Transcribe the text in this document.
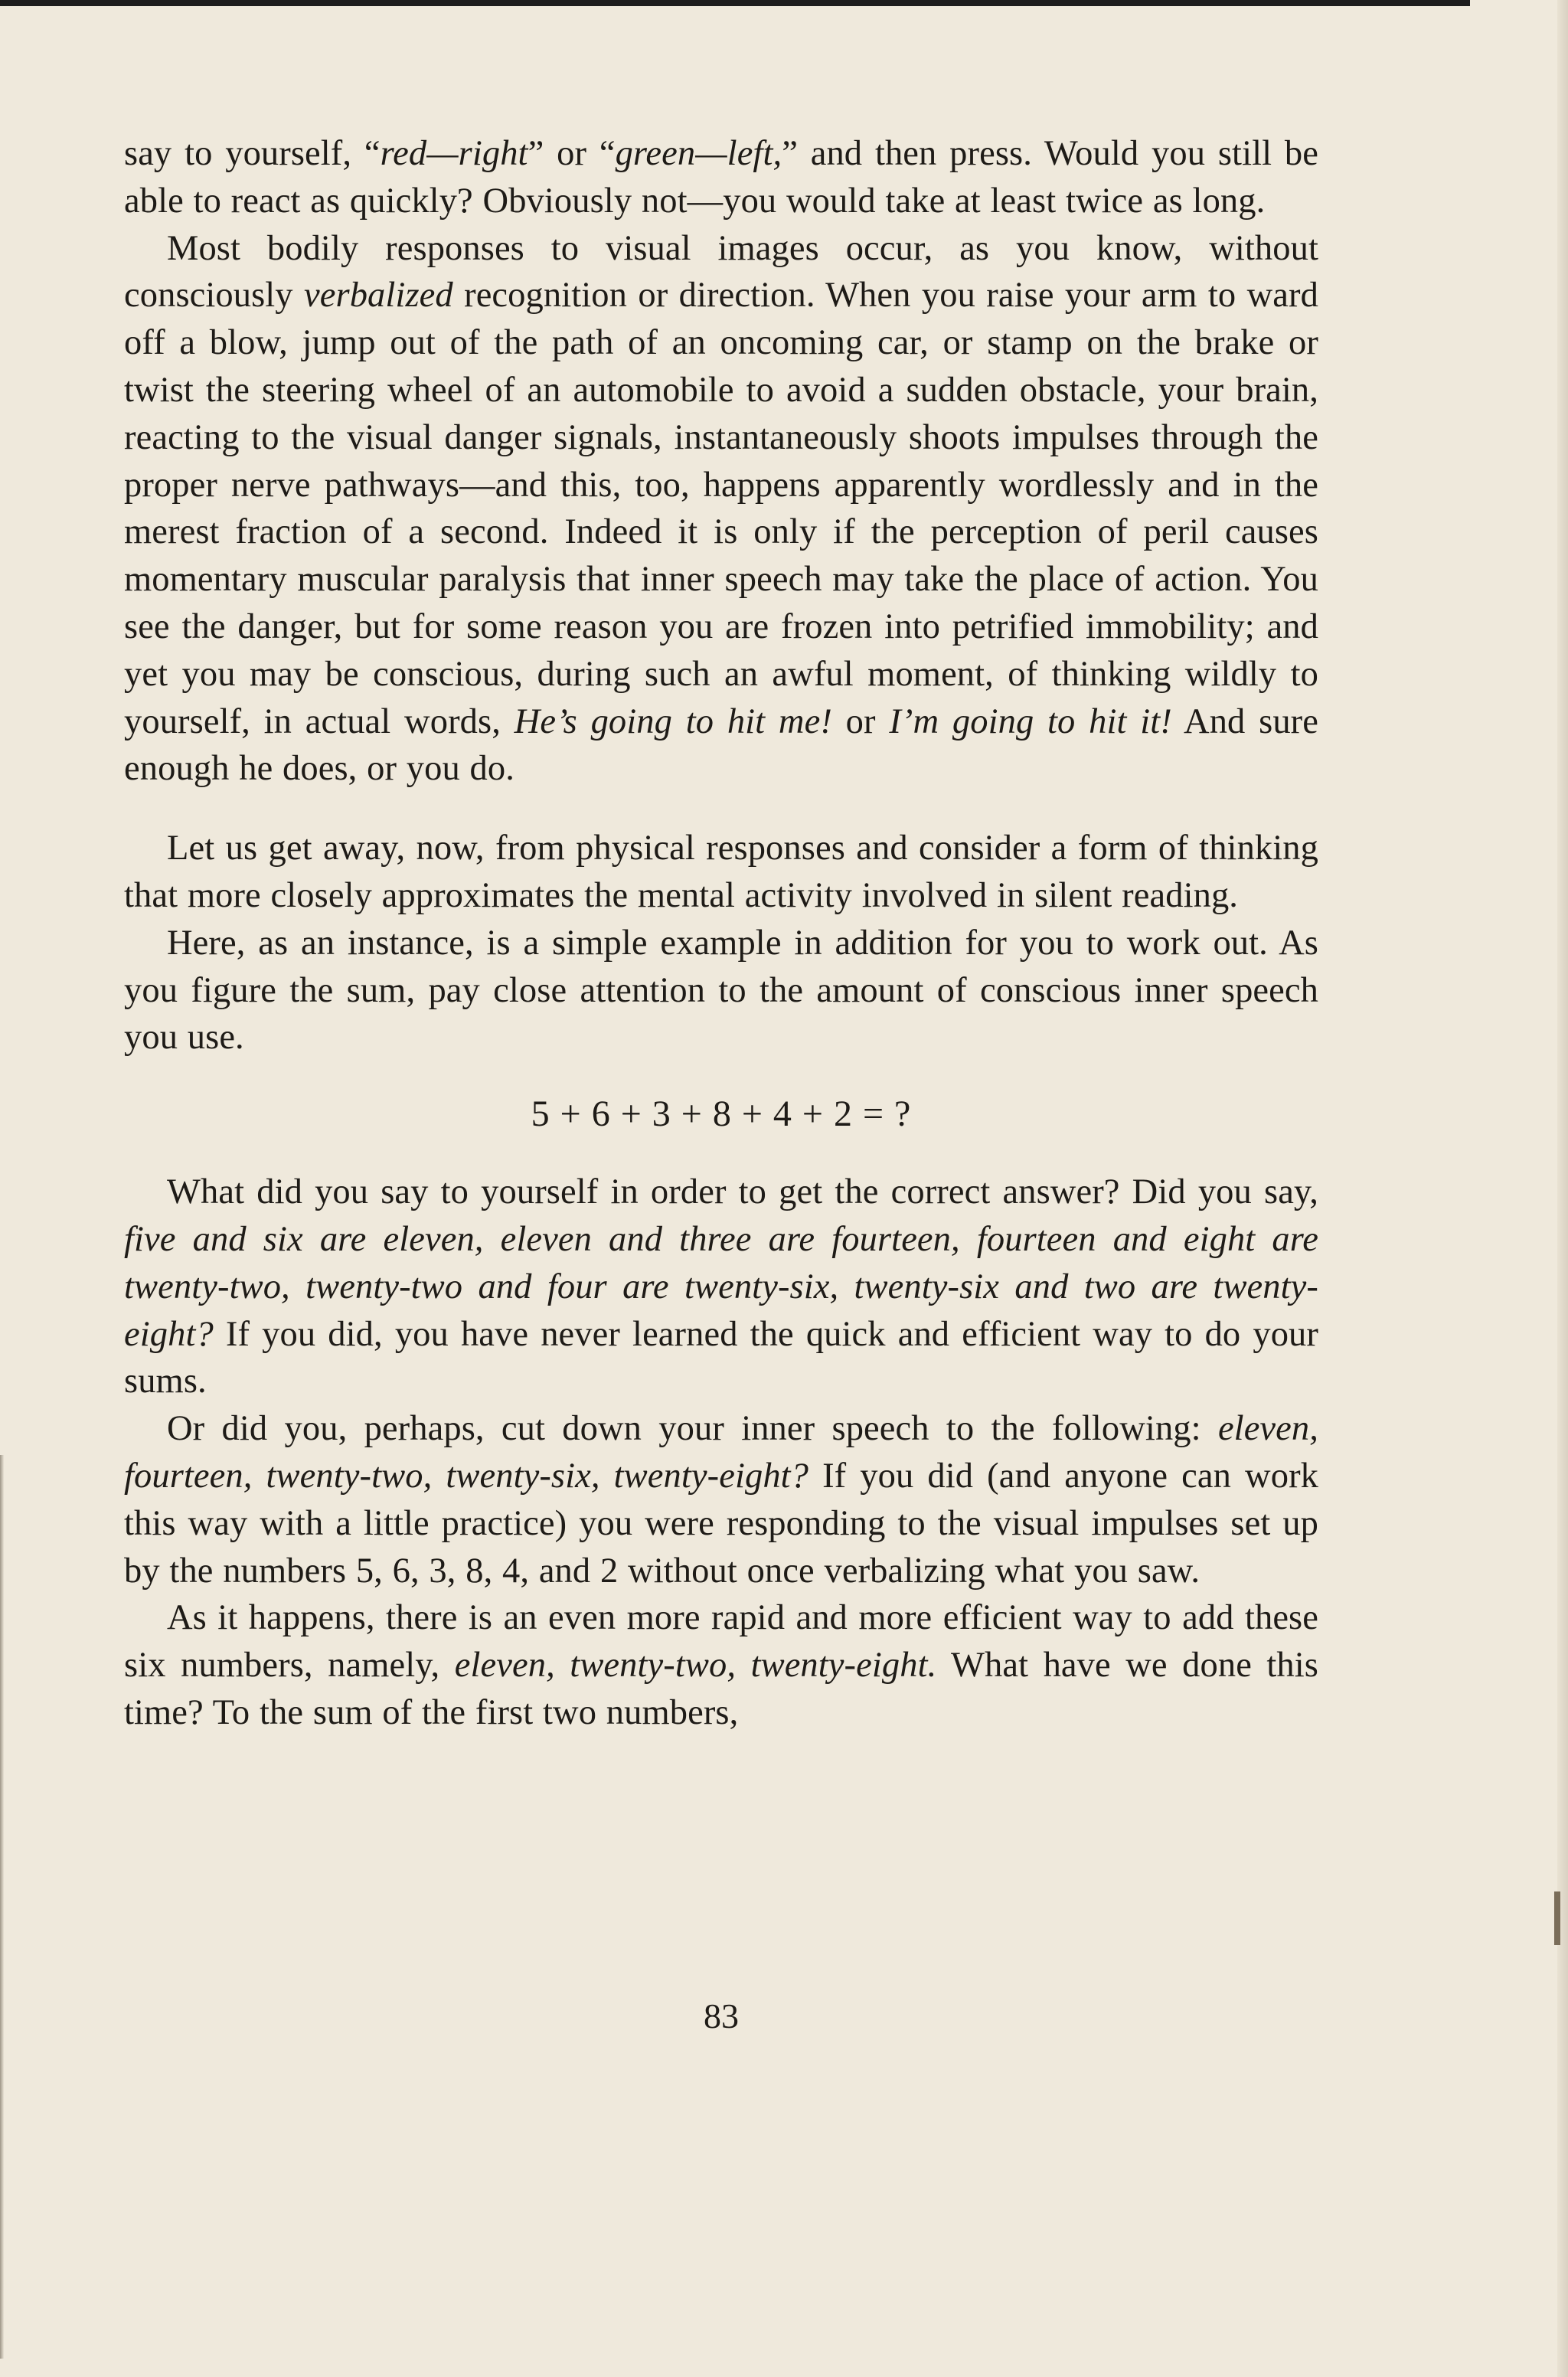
say to yourself, “red—right” or “green—left,” and then press. Would you still be able to react as quickly? Obviously not—you would take at least twice as long.

Most bodily responses to visual images occur, as you know, without consciously verbalized recognition or direction. When you raise your arm to ward off a blow, jump out of the path of an oncoming car, or stamp on the brake or twist the steering wheel of an automobile to avoid a sudden obstacle, your brain, reacting to the visual danger signals, instantaneously shoots impulses through the proper nerve pathways—and this, too, happens apparently wordlessly and in the merest fraction of a second. Indeed it is only if the perception of peril causes momentary muscular paralysis that inner speech may take the place of action. You see the danger, but for some reason you are frozen into petrified immobility; and yet you may be conscious, during such an awful moment, of thinking wildly to yourself, in actual words, He’s going to hit me! or I’m going to hit it! And sure enough he does, or you do.

Let us get away, now, from physical responses and consider a form of thinking that more closely approximates the mental activity involved in silent reading.

Here, as an instance, is a simple example in addition for you to work out. As you figure the sum, pay close attention to the amount of conscious inner speech you use.

5 + 6 + 3 + 8 + 4 + 2 = ?

What did you say to yourself in order to get the correct answer? Did you say, five and six are eleven, eleven and three are fourteen, fourteen and eight are twenty-two, twenty-two and four are twenty-six, twenty-six and two are twenty-eight? If you did, you have never learned the quick and efficient way to do your sums.

Or did you, perhaps, cut down your inner speech to the following: eleven, fourteen, twenty-two, twenty-six, twenty-eight? If you did (and anyone can work this way with a little practice) you were responding to the visual impulses set up by the numbers 5, 6, 3, 8, 4, and 2 without once verbalizing what you saw.

As it happens, there is an even more rapid and more efficient way to add these six numbers, namely, eleven, twenty-two, twenty-eight. What have we done this time? To the sum of the first two numbers,

83
